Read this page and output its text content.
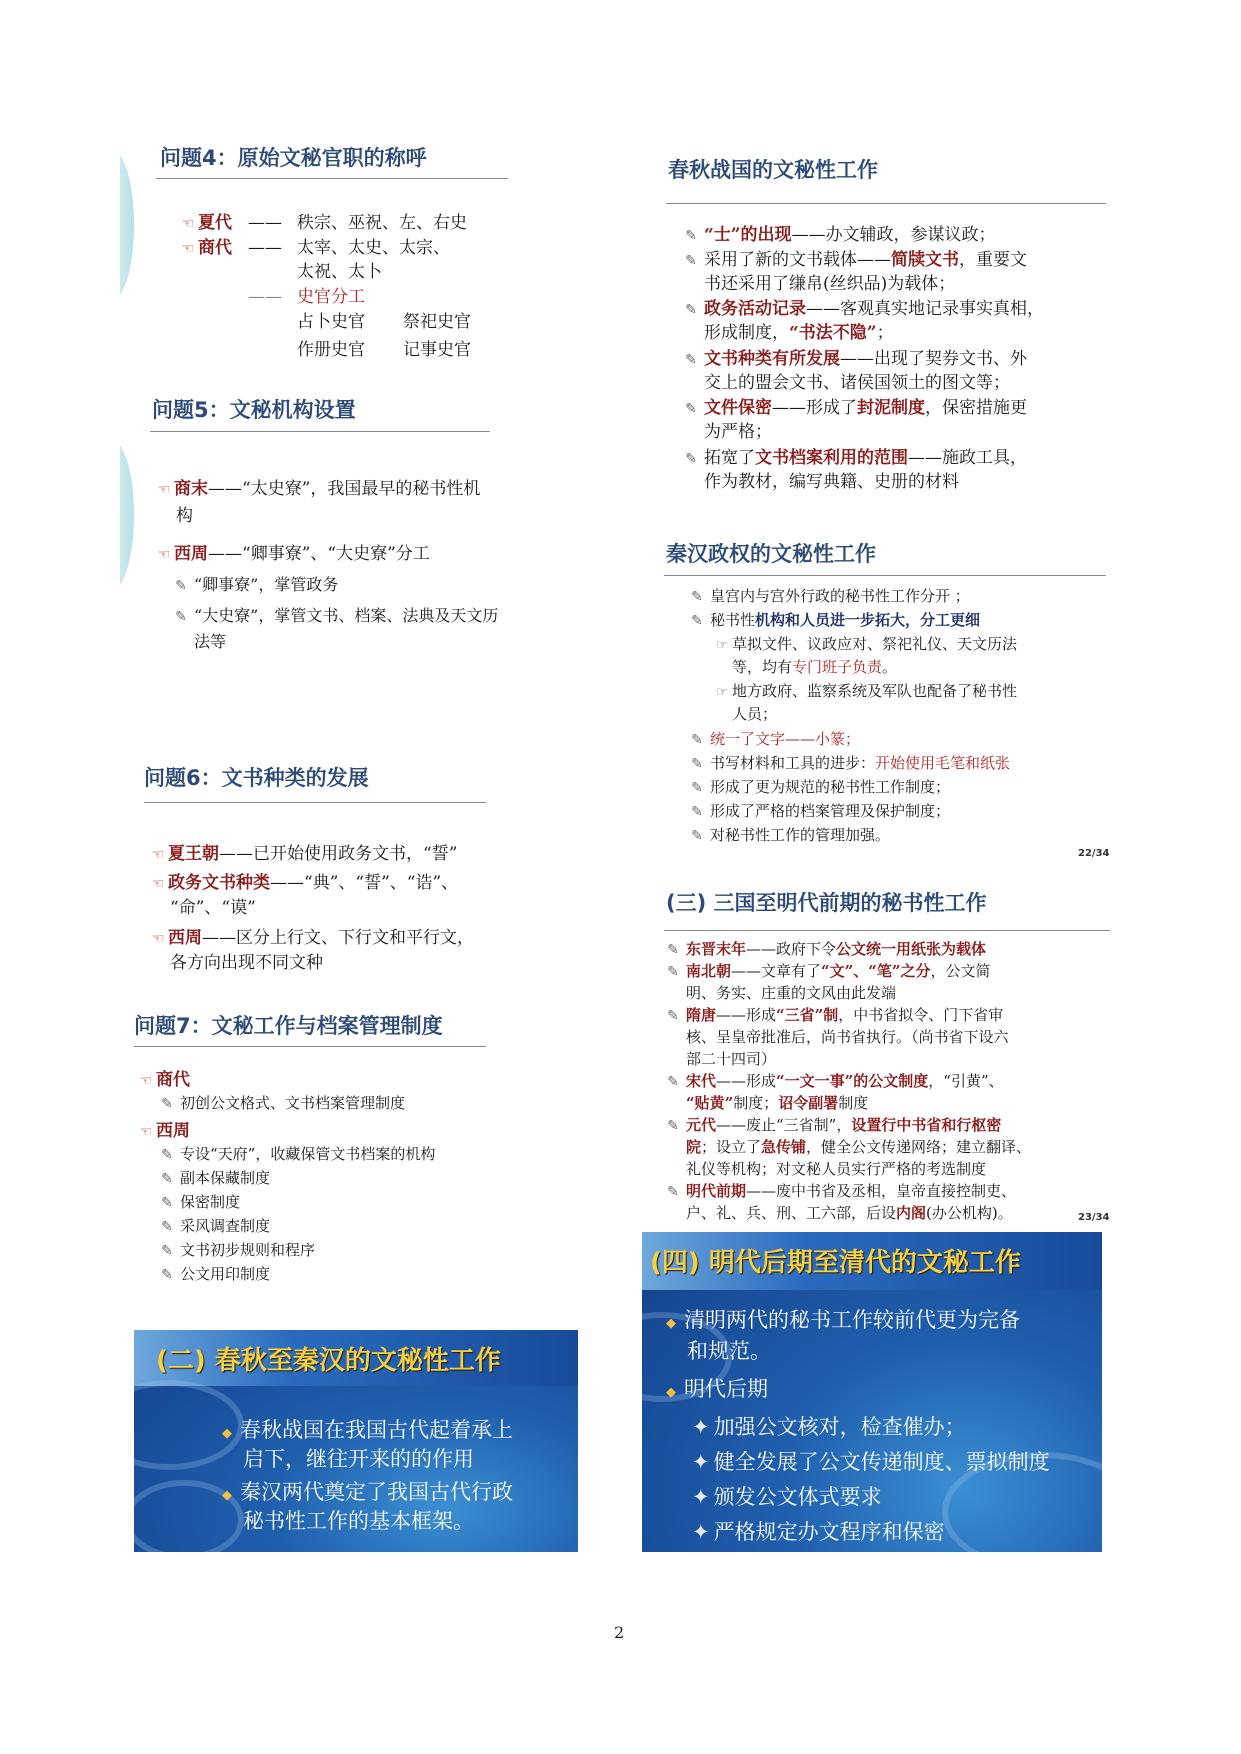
问题4：原始文秘官职的称呼
☜ 夏代 —— 秩宗、巫祝、左、右史
☜ 商代 —— 太宰、太史、太宗、
太祝、太卜
—— 史官分工
占卜史官 祭祀史官
作册史官 记事史官
问题5：文秘机构设置
☜ 商末——“太史寮”，我国最早的秘书性机
构
☜ 西周——“卿事寮”、“大史寮”分工
✎ “卿事寮”，掌管政务
✎ “大史寮”，掌管文书、档案、法典及天文历
法等
问题6：文书种类的发展
☜ 夏王朝——已开始使用政务文书，“誓”
☜ 政务文书种类——“典”、“誓”、“诰”、
“命”、“谟”
☜ 西周——区分上行文、下行文和平行文，
各方向出现不同文种
问题7：文秘工作与档案管理制度
☜ 商代
✎ 初创公文格式、文书档案管理制度
☜ 西周
✎ 专设“天府”，收藏保管文书档案的机构
✎ 副本保藏制度
✎ 保密制度
✎ 采风调查制度
✎ 文书初步规则和程序
✎ 公文用印制度
(二) 春秋至秦汉的文秘性工作
◆ 春秋战国在我国古代起着承上
启下，继往开来的的作用
◆ 秦汉两代奠定了我国古代行政
秘书性工作的基本框架。
春秋战国的文秘性工作
✎ “士”的出现——办文辅政，参谋议政；
✎ 采用了新的文书载体——简牍文书，重要文
书还采用了缣帛(丝织品)为载体；
✎ 政务活动记录——客观真实地记录事实真相，
形成制度，“书法不隐”；
✎ 文书种类有所发展——出现了契券文书、外
交上的盟会文书、诸侯国领土的图文等；
✎ 文件保密——形成了封泥制度，保密措施更
为严格；
✎ 拓宽了文书档案利用的范围——施政工具，
作为教材，编写典籍、史册的材料
秦汉政权的文秘性工作
✎ 皇宫内与宫外行政的秘书性工作分开 ；
✎ 秘书性机构和人员进一步拓大，分工更细
☞ 草拟文件、议政应对、祭祀礼仪、天文历法
等，均有专门班子负责。
☞ 地方政府、监察系统及军队也配备了秘书性
人员；
✎ 统一了文字——小篆；
✎ 书写材料和工具的进步：开始使用毛笔和纸张
✎ 形成了更为规范的秘书性工作制度；
✎ 形成了严格的档案管理及保护制度；
✎ 对秘书性工作的管理加强。
22/34
(三) 三国至明代前期的秘书性工作
✎ 东晋末年——政府下令公文统一用纸张为载体
✎ 南北朝——文章有了“文”、“笔”之分，公文简
明、务实、庄重的文风由此发端
✎ 隋唐——形成“三省”制，中书省拟令、门下省审
核、呈皇帝批准后，尚书省执行。（尚书省下设六
部二十四司）
✎ 宋代——形成“一文一事”的公文制度，“引黄”、
“贴黄”制度；诏令副署制度
✎ 元代——废止“三省制”，设置行中书省和行枢密
院；设立了急传铺，健全公文传递网络；建立翻译、
礼仪等机构；对文秘人员实行严格的考选制度
✎ 明代前期——废中书省及丞相，皇帝直接控制吏、
户、礼、兵、刑、工六部，后设内阁(办公机构)。	23/34
(四) 明代后期至清代的文秘工作
◆ 清明两代的秘书工作较前代更为完备
和规范。
◆ 明代后期
✦ 加强公文核对，检查催办；
✦ 健全发展了公文传递制度、票拟制度
✦ 颁发公文体式要求
✦ 严格规定办文程序和保密
2
